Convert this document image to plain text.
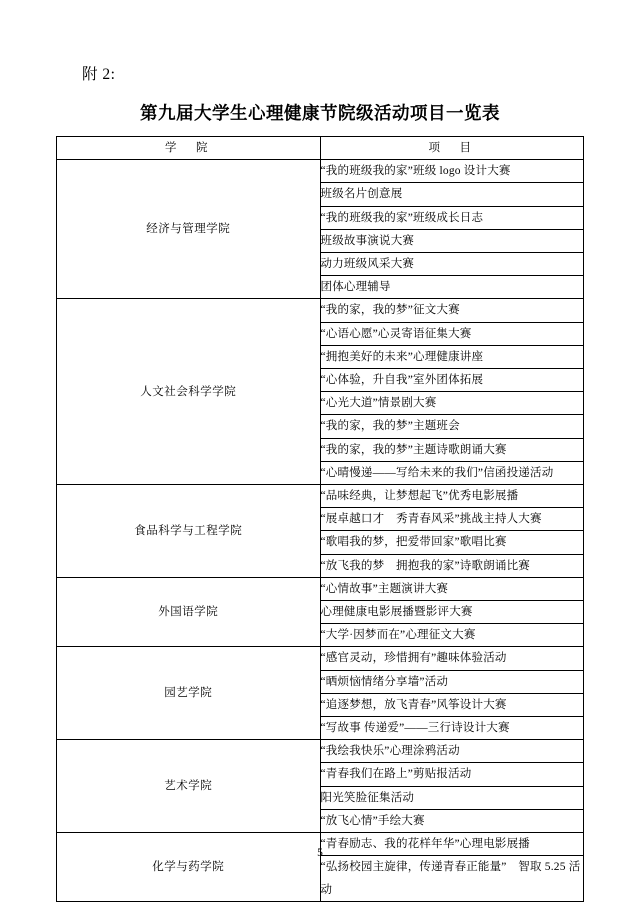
附 2:
第九届大学生心理健康节院级活动项目一览表
学　院	项　目
经济与管理学院	“我的班级我的家”班级 logo 设计大赛
	班级名片创意展
	“我的班级我的家”班级成长日志
	班级故事演说大赛
	动力班级风采大赛
	团体心理辅导
人文社会科学学院	“我的家，我的梦”征文大赛
	“心语心愿”心灵寄语征集大赛
	“拥抱美好的未来”心理健康讲座
	“心体验，升自我”室外团体拓展
	“心光大道”情景剧大赛
	“我的家，我的梦”主题班会
	“我的家，我的梦”主题诗歌朗诵大赛
	“心晴慢递——写给未来的我们”信函投递活动
食品科学与工程学院	“品味经典，让梦想起飞”优秀电影展播
	“展卓越口才　秀青春风采”挑战主持人大赛
	“歌唱我的梦，把爱带回家”歌唱比赛
	“放飞我的梦　拥抱我的家”诗歌朗诵比赛
外国语学院	“心情故事”主题演讲大赛
	心理健康电影展播暨影评大赛
	“大学·因梦而在”心理征文大赛
园艺学院	“感官灵动，珍惜拥有”趣味体验活动
	“晒烦恼情绪分享墙”活动
	“追逐梦想，放飞青春”风筝设计大赛
	“写故事 传递爱”——三行诗设计大赛
艺术学院	“我绘我快乐”心理涂鸦活动
	“青春我们在路上”剪贴报活动
	阳光笑脸征集活动
	“放飞心情”手绘大赛
化学与药学院	“青春励志、我的花样年华”心理电影展播
	“弘扬校园主旋律，传递青春正能量”　智取 5.25 活动
5
